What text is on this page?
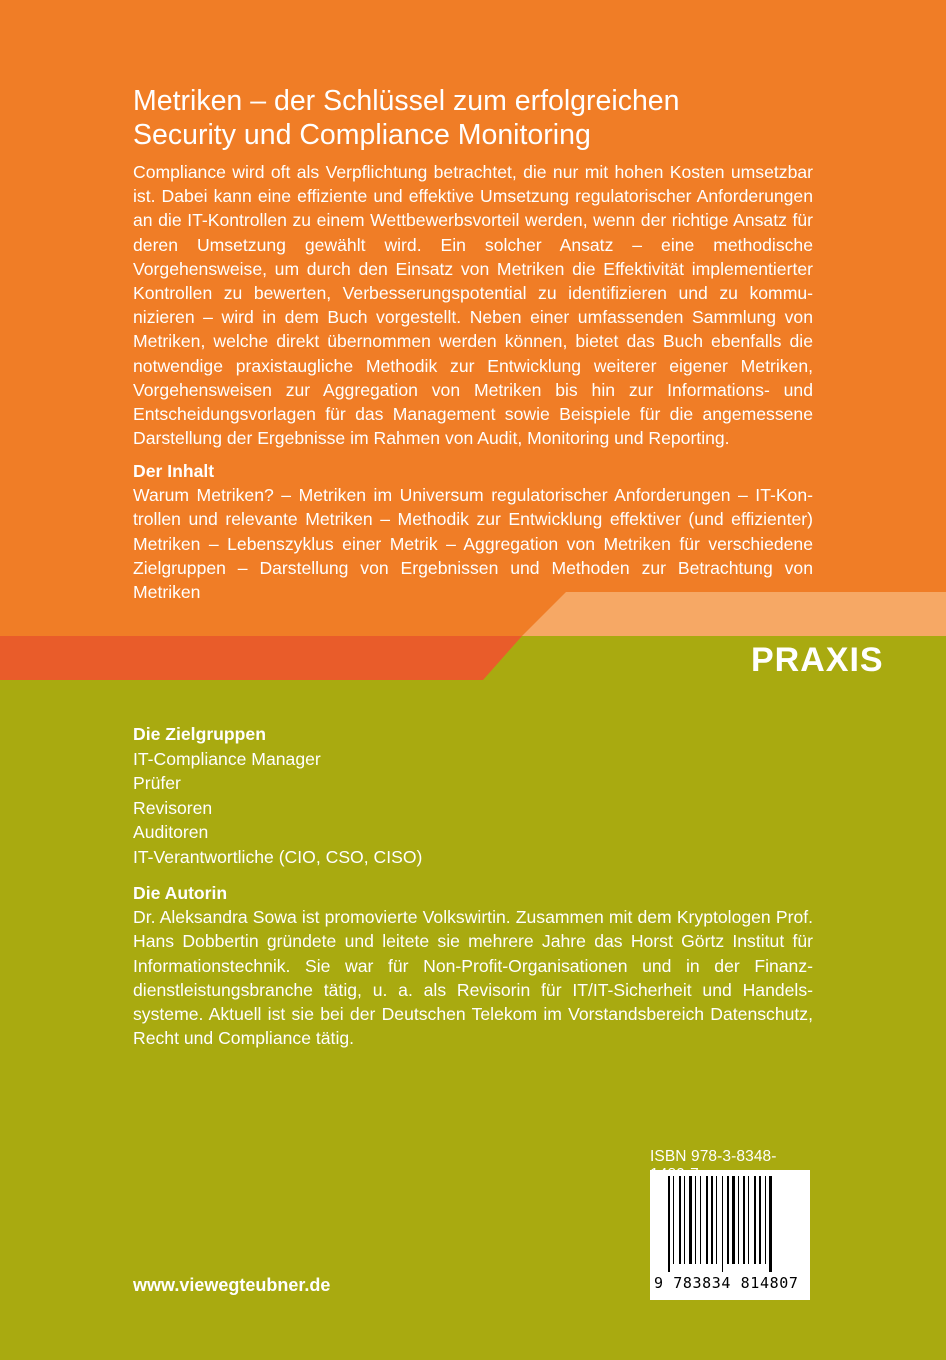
Metriken – der Schlüssel zum erfolgreichen
Security und Compliance Monitoring

Compliance wird oft als Verpflichtung betrachtet, die nur mit hohen Kosten umsetzbar ist. Dabei kann eine effiziente und effektive Umsetzung regulatorischer Anforderungen an die IT-Kontrollen zu einem Wettbewerbsvorteil werden, wenn der richtige Ansatz für deren Umsetzung gewählt wird. Ein solcher Ansatz – eine methodische Vorgehensweise, um durch den Einsatz von Metriken die Effektivität implementierter Kontrollen zu bewerten, Verbesserungspotential zu identifizieren und zu kommunizieren – wird in dem Buch vorgestellt. Neben einer umfassenden Sammlung von Metriken, welche direkt übernommen werden können, bietet das Buch ebenfalls die notwendige praxistaugliche Methodik zur Entwicklung weiterer eigener Metriken, Vorgehensweisen zur Aggregation von Metriken bis hin zur Informations- und Entscheidungsvorlagen für das Management sowie Beispiele für die angemessene Darstellung der Ergebnisse im Rahmen von Audit, Monitoring und Reporting.

Der Inhalt
Warum Metriken? – Metriken im Universum regulatorischer Anforderungen – IT-Kontrollen und relevante Metriken – Methodik zur Entwicklung effektiver (und effizienter) Metriken – Lebenszyklus einer Metrik – Aggregation von Metriken für verschiedene Zielgruppen – Darstellung von Ergebnissen und Methoden zur Betrachtung von Metriken
PRAXIS
Die Zielgruppen
IT-Compliance Manager
Prüfer
Revisoren
Auditoren
IT-Verantwortliche (CIO, CSO, CISO)
Die Autorin
Dr. Aleksandra Sowa ist promovierte Volkswirtin. Zusammen mit dem Kryptologen Prof. Hans Dobbertin gründete und leitete sie mehrere Jahre das Horst Görtz Institut für Informationstechnik. Sie war für Non-Profit-Organisationen und in der Finanzdienstleistungsbranche tätig, u. a. als Revisorin für IT/IT-Sicherheit und Handelssysteme. Aktuell ist sie bei der Deutschen Telekom im Vorstandsbereich Datenschutz, Recht und Compliance tätig.
ISBN 978-3-8348-
9 783834 814807
www.viewegteubner.de
